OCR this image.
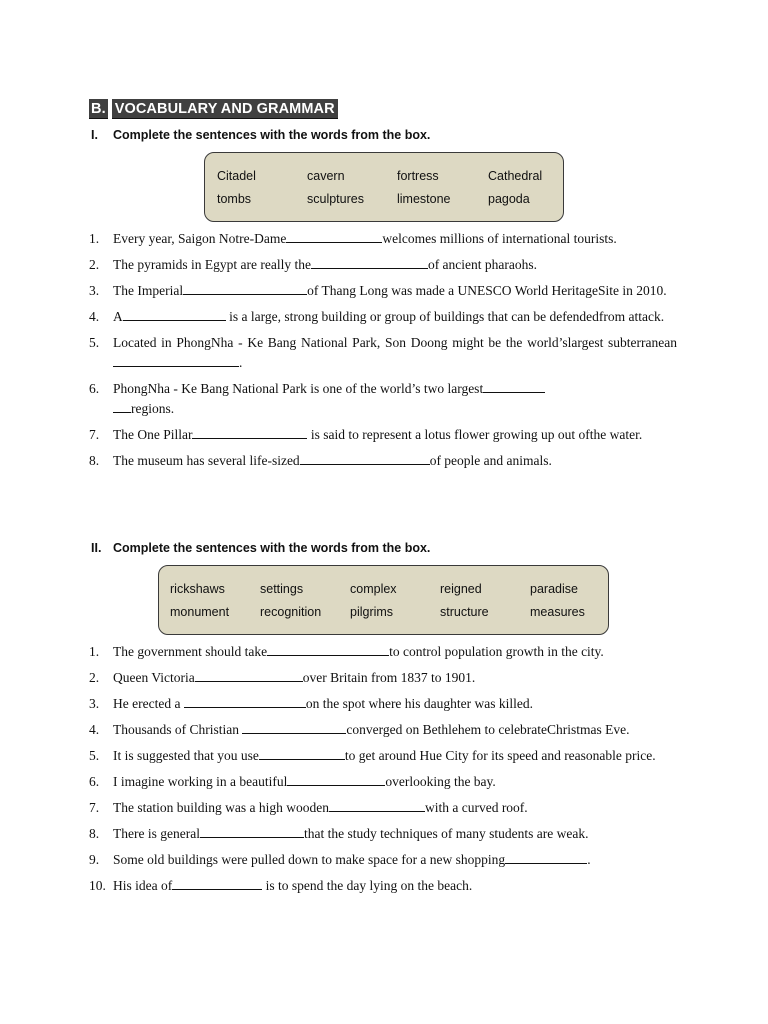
B. VOCABULARY AND GRAMMAR
I.	Complete the sentences with the words from the box.
Citadel	cavern	fortress	Cathedral
tombs	sculptures	limestone	pagoda
1.	Every year, Saigon Notre-Dame	welcomes millions of international tourists.
2.	The pyramids in Egypt are really the	of ancient pharaohs.
3.	The Imperial	of Thang Long was made a UNESCO World HeritageSite in 2010.
4.	A	is a large, strong building or group of buildings that can be defendedfrom attack.
5.	Located in PhongNha - Ke Bang National Park, Son Doong might be the world’slargest subterranean.
6.	PhongNha - Ke Bang National Park is one of the world’s two largest
regions.
7.	The One Pillar	is said to represent a lotus flower growing up out ofthe water.
8.	The museum has several life-sized	of people and animals.
II. Complete the sentences with the words from the box.
rickshaws	settings	complex	reigned	paradise
monument	recognition	pilgrims	structure	measures
1.	The government should take	to control population growth in the city.
2.	Queen Victoria	over Britain from 1837 to 1901.
3.	He erected a	on the spot where his daughter was killed.
4.	Thousands of Christian	converged on Bethlehem to celebrateChristmas Eve.
5.	It is suggested that you use	to get around Hue City for its speed and reasonable price.
6.	I imagine working in a beautiful	overlooking the bay.
7.	The station building was a high wooden	with a curved roof.
8.	There is general	that the study techniques of many students are weak.
9.	Some old buildings were pulled down to make space for a new shopping	.
10. His idea of	is to spend the day lying on the beach.
